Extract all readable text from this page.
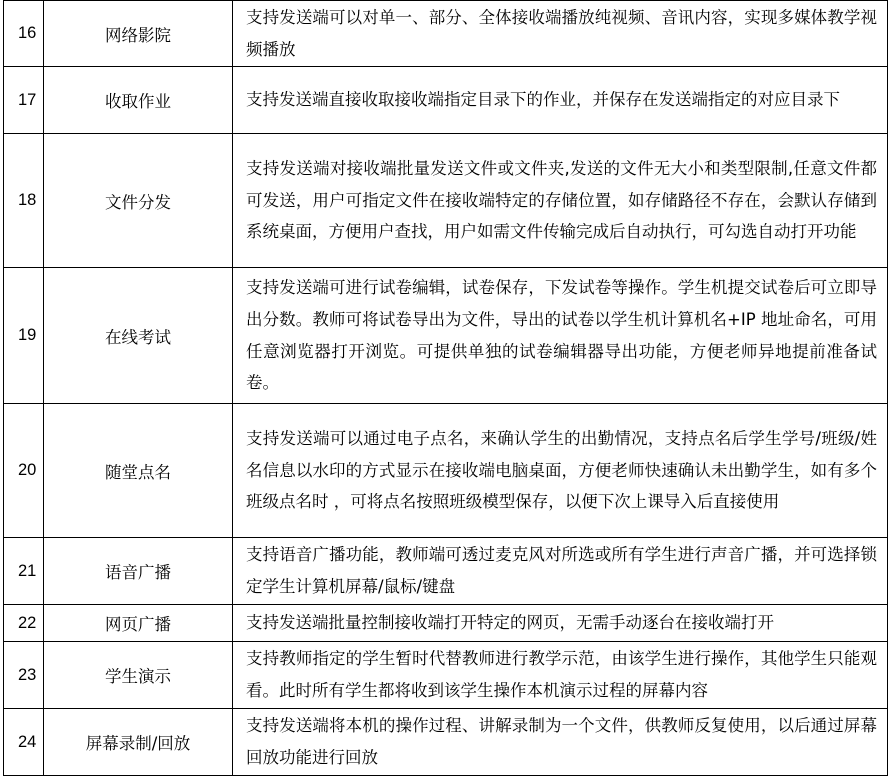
16	网络影院	支持发送端可以对单一、部分、全体接收端播放纯视频、音讯内容，实现多媒体教学视频播放
17	收取作业	支持发送端直接收取接收端指定目录下的作业，并保存在发送端指定的对应目录下
18	文件分发	支持发送端对接收端批量发送文件或文件夹,发送的文件无大小和类型限制,任意文件都可发送，用户可指定文件在接收端特定的存储位置，如存储路径不存在，会默认存储到系统桌面，方便用户查找，用户如需文件传输完成后自动执行，可勾选自动打开功能
19	在线考试	支持发送端可进行试卷编辑，试卷保存，下发试卷等操作。学生机提交试卷后可立即导出分数。教师可将试卷导出为文件，导出的试卷以学生机计算机名+IP 地址命名，可用任意浏览器打开浏览。可提供单独的试卷编辑器导出功能，方便老师异地提前准备试卷。
20	随堂点名	支持发送端可以通过电子点名，来确认学生的出勤情况，支持点名后学生学号/班级/姓名信息以水印的方式显示在接收端电脑桌面，方便老师快速确认未出勤学生，如有多个班级点名时 ，可将点名按照班级模型保存，以便下次上课导入后直接使用
21	语音广播	支持语音广播功能，教师端可透过麦克风对所选或所有学生进行声音广播，并可选择锁定学生计算机屏幕/鼠标/键盘
22	网页广播	支持发送端批量控制接收端打开特定的网页，无需手动逐台在接收端打开
23	学生演示	支持教师指定的学生暂时代替教师进行教学示范，由该学生进行操作，其他学生只能观看。此时所有学生都将收到该学生操作本机演示过程的屏幕内容
24	屏幕录制/回放	支持发送端将本机的操作过程、讲解录制为一个文件，供教师反复使用，以后通过屏幕回放功能进行回放
